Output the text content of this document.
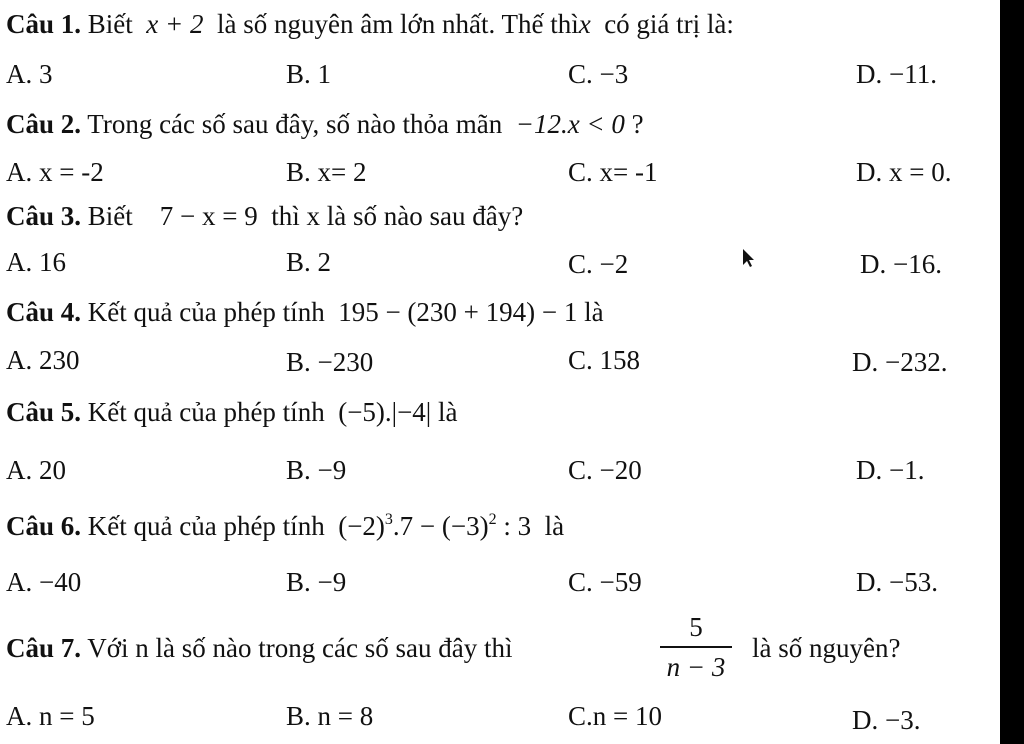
Câu 1. Biết x + 2 là số nguyên âm lớn nhất. Thế thìx có giá trị là:
A. 3	B. 1	C. −3	D. −11.
Câu 2. Trong các số sau đây, số nào thỏa mãn −12.x < 0 ?
A. x = -2	B. x= 2	C. x= -1	D. x = 0.
Câu 3. Biết 7 − x = 9 thì x là số nào sau đây?
A. 16	B. 2	C. −2	D. −16.
Câu 4. Kết quả của phép tính 195 − (230 + 194) − 1 là
A. 230	B. −230	C. 158	D. −232.
Câu 5. Kết quả của phép tính (−5).|−4| là
A. 20	B. −9	C. −20	D. −1.
Câu 6. Kết quả của phép tính $(-2)^3.7 - (-3)^2$ : 3 là
A. −40	B. −9	C. −59	D. −53.
Câu 7. Với n là số nào trong các số sau đây thì
5
n − 3
là số nguyên?
A. n = 5	B. n = 8	C.n = 10	D. −3.
